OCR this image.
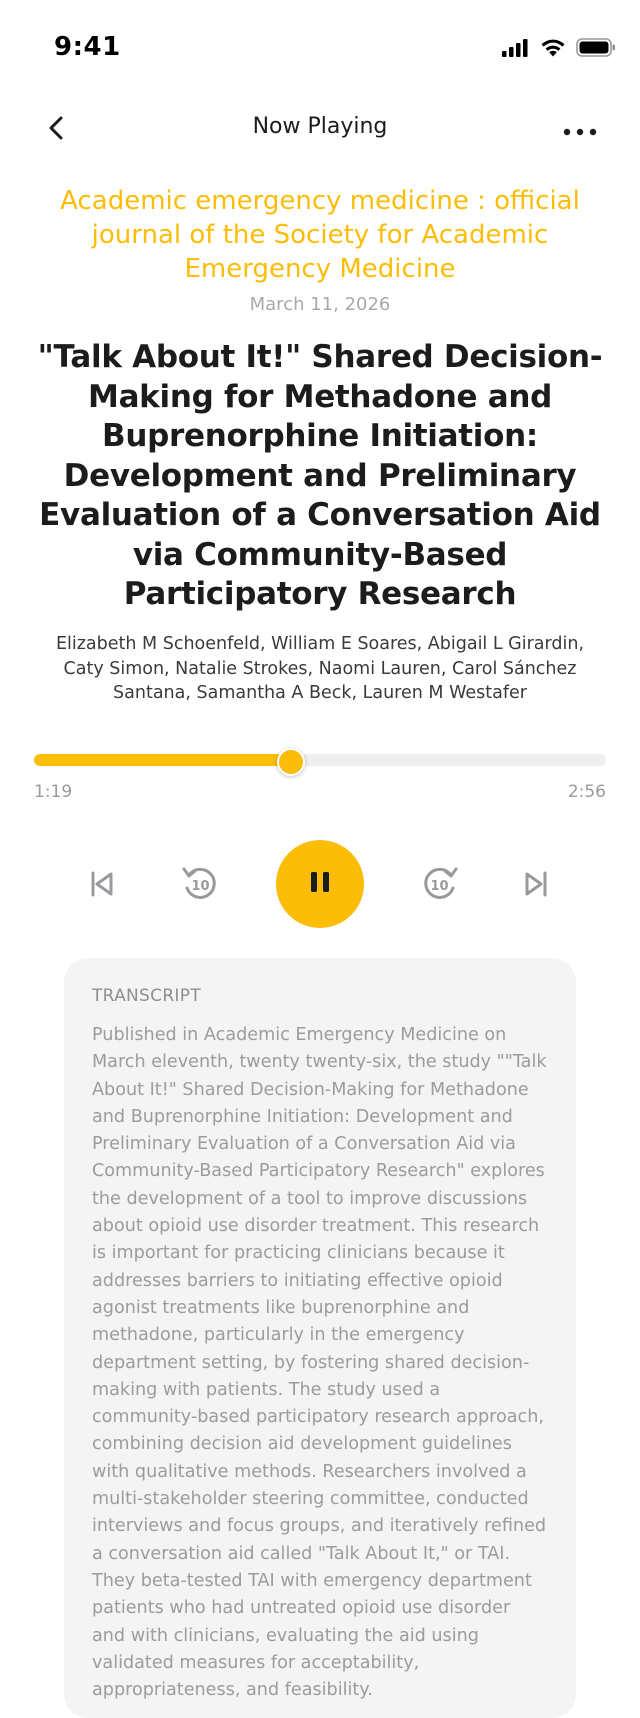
9:41
Now Playing
Academic emergency medicine : official journal of the Society for Academic Emergency Medicine
March 11, 2026
"Talk About It!" Shared Decision-Making for Methadone and Buprenorphine Initiation: Development and Preliminary Evaluation of a Conversation Aid via Community-Based Participatory Research
Elizabeth M Schoenfeld, William E Soares, Abigail L Girardin, Caty Simon, Natalie Strokes, Naomi Lauren, Carol Sánchez Santana, Samantha A Beck, Lauren M Westafer
1:19	2:56
10	10
TRANSCRIPT
Published in Academic Emergency Medicine on March eleventh, twenty twenty-six, the study ""Talk About It!" Shared Decision-Making for Methadone and Buprenorphine Initiation: Development and Preliminary Evaluation of a Conversation Aid via Community-Based Participatory Research" explores the development of a tool to improve discussions about opioid use disorder treatment. This research is important for practicing clinicians because it addresses barriers to initiating effective opioid agonist treatments like buprenorphine and methadone, particularly in the emergency department setting, by fostering shared decision-making with patients. The study used a community-based participatory research approach, combining decision aid development guidelines with qualitative methods. Researchers involved a multi-stakeholder steering committee, conducted interviews and focus groups, and iteratively refined a conversation aid called "Talk About It," or TAI. They beta-tested TAI with emergency department patients who had untreated opioid use disorder and with clinicians, evaluating the aid using validated measures for acceptability, appropriateness, and feasibility.
